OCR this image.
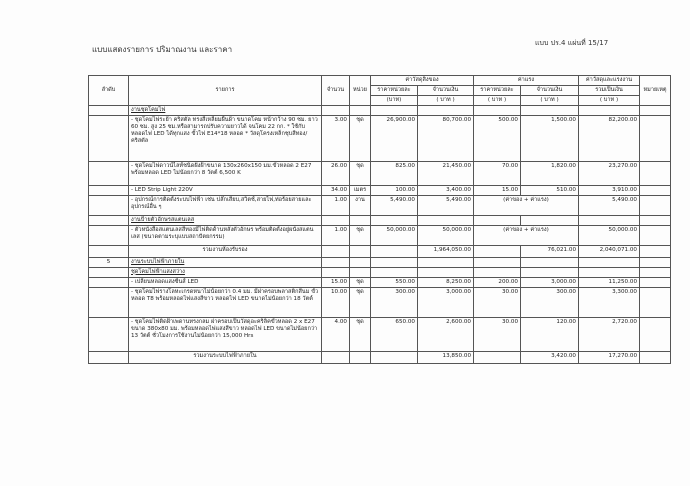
แบบแสดงรายการ ปริมาณงาน และราคา
แบบ ปร.4 แผ่นที่ 15/17
ลำดับ	รายการ	จำนวน	หน่วย	ค่าวัสดุสิ่งของ		ค่าแรง		ค่าวัสดุและแรงงาน	หมายเหตุ
				ราคาหน่วยละ	จำนวนเงิน	ราคาหน่วยละ	จำนวนเงิน	รวมเป็นเงิน	
				(บาท)	( บาท )	( บาท )	( บาท )	( บาท )	
	งานชุดโคมไฟ								
	- ชุดโคมไฟระย้า คริสตัล ทรงสี่เหลี่ยมผืนผ้า ขนาดโคม หน้ากว้าง 90 ซม. ยาว 60 ซม. สูง 25 ซม.หรือสามารถปรับความยาวได้ จนโคม 22 กก. * ใช้กับหลอดไฟ LED ได้ทุกแสง ขั้วไฟ E14*18 หลอด * วัสดุโครงเหล็กชุบสีทอง/คริสตัล	3.00	ชุด	26,900.00	80,700.00	500.00	1,500.00	82,200.00	
	- ชุดโคมไฟดาวน์ไลท์ชนิดฝังฝ้าขนาด 130x260x150 มม.ขั้วหลอด 2 E27 พร้อมหลอด LED ไม่น้อยกว่า 8 วัตต์ 6,500 K	26.00	ชุด	825.00	21,450.00	70.00	1,820.00	23,270.00	
	- LED Strip Light 220V	34.00	เมตร	100.00	3,400.00	15.00	510.00	3,910.00	
	- อุปกรณ์การติดตั้งระบบไฟฟ้า เช่น ปลั๊กเสียบ,สวิตช์,สายไฟ,ท่อร้อยสายและอุปกรณ์อื่น ๆ	1.00	งาน	5,490.00	5,490.00	(ค่าของ + ค่าแรง)		5,490.00	
	งานป้ายตัวอักษรสแตนเลส								
	- ตัวหนังสือสแตนเลสสีทองมีไฟติดด้านหลังตัวอักษร พร้อมติดตั้งอยู่ผนังสแตนเลส (ขนาดตามระบุแบบสถาปัตยกรรม)	1.00	ชุด	50,000.00	50,000.00	(ค่าของ + ค่าแรง)		50,000.00	
	รวมงานห้องรับรอง				1,964,050.00		76,021.00	2,040,071.00	
5	งานระบบไฟฟ้าภายใน								
	ชุดโคมไฟฟ้าแสงสว่าง								
	- เปลี่ยนหลอดแสงซีนส์ LED	15.00	ชุด	550.00	8,250.00	200.00	3,000.00	11,250.00	
	- ชุดโคมไฟรางโลหะเกรดหนาไม่น้อยกว่า 0.4 มม. มีฝาครอบพลาสติกสีนม ขั้วหลอด T8 พร้อมหลอดไฟแสงสีขาว หลอดไฟ LED ขนาดไม่น้อยกว่า 18 วัตต์	10.00	ชุด	300.00	3,000.00	30.00	300.00	3,300.00	
	- ชุดโคมไฟติดฝ้าเพดานทรงกลม ฝาครอบเป็นวัสดุอะคริลิคขั้วหลอด 2 x E27 ขนาด 380x80 มม. พร้อมหลอดไฟแสงสีขาว หลอดไฟ LED ขนาดไม่น้อยกว่า 13 วัตต์ ชั่วโมงการใช้งานไม่น้อยกว่า 15,000 Hrs	4.00	ชุด	650.00	2,600.00	30.00	120.00	2,720.00	
	รวมงานระบบไฟฟ้าภายใน				13,850.00		3,420.00	17,270.00	
